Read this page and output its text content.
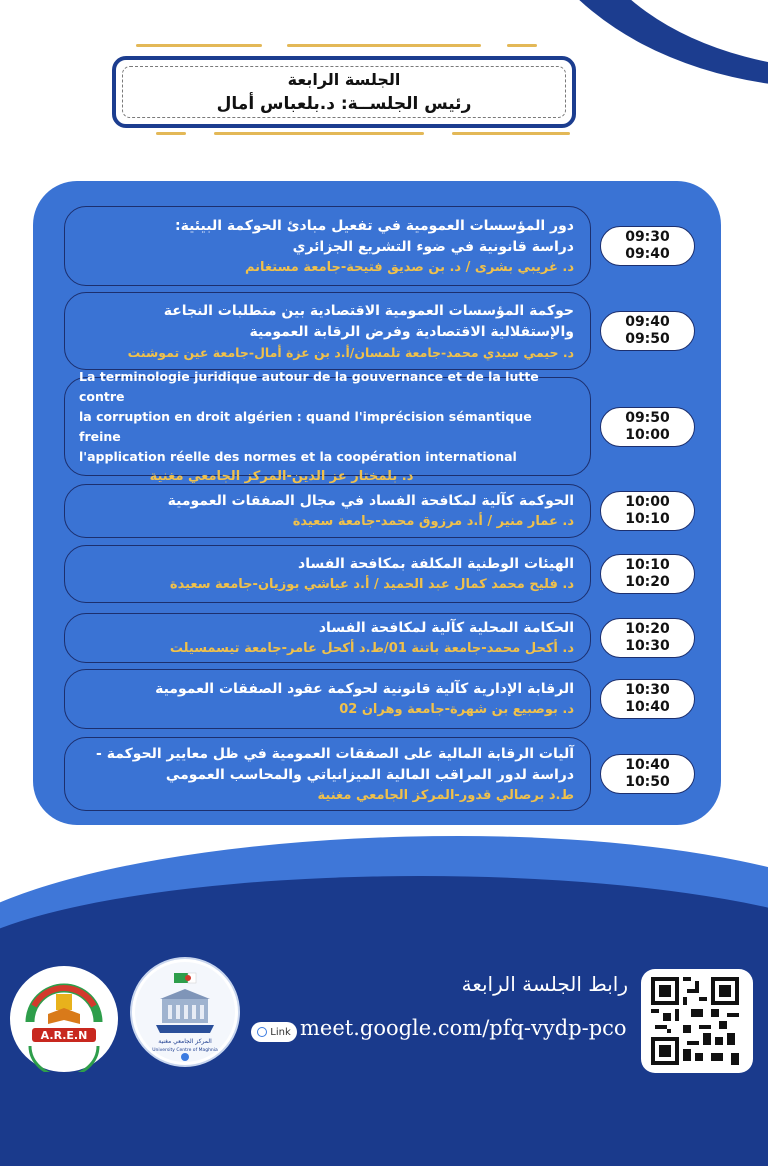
الجلسة الرابعة
رئيس الجلســة: د.بلعباس أمال
دور المؤسسات العمومية في تفعيل مبادئ الحوكمة البيئية:
دراسة قانونية في ضوء التشريع الجزائري
د. غريبي بشرى / د. بن صديق فتيحة-جامعة مستغانم
09:30
09:40
حوكمة المؤسسات العمومية الاقتصادية بين متطلبات النجاعة
والإستقلالية الاقتصادية وفرض الرقابة العمومية
د. حيمي سيدي محمد-جامعة تلمسان/أ.د بن عزة أمال-جامعة عين تموشنت
09:40
09:50
La terminologie juridique autour de la gouvernance et de la lutte contre
la corruption en droit algérien : quand l'imprécision sémantique freine
l'application réelle des normes et la coopération international
د. بلمختار عز الدين-المركز الجامعي مغنية
09:50
10:00
الحوكمة كآلية لمكافحة الفساد في مجال الصفقات العمومية
د. عمار منير / أ.د مرزوق محمد-جامعة سعيدة
10:00
10:10
الهيئات الوطنية المكلفة بمكافحة الفساد
د. فليح محمد كمال عبد الحميد / أ.د عياشي بوزيان-جامعة سعيدة
10:10
10:20
الحكامة المحلية كآلية لمكافحة الفساد
د. أكحل محمد-جامعة باتنة 01/ط.د أكحل عامر-جامعة تيسمسيلت
10:20
10:30
الرقابة الإدارية كآلية قانونية لحوكمة عقود الصفقات العمومية
د. بوصبيع بن شهرة-جامعة وهران 02
10:30
10:40
آليات الرقابة المالية على الصفقات العمومية في ظل معايير الحوكمة -
دراسة لدور المراقب المالية الميزانياتي والمحاسب العمومي
ط.د برصالي قدور-المركز الجامعي مغنية
10:40
10:50
A.R.E.N	المركز الجامعي مغنية
University Centre of Maghnia
رابط الجلسة الرابعة
Link meet.google.com/pfq-vydp-pco
